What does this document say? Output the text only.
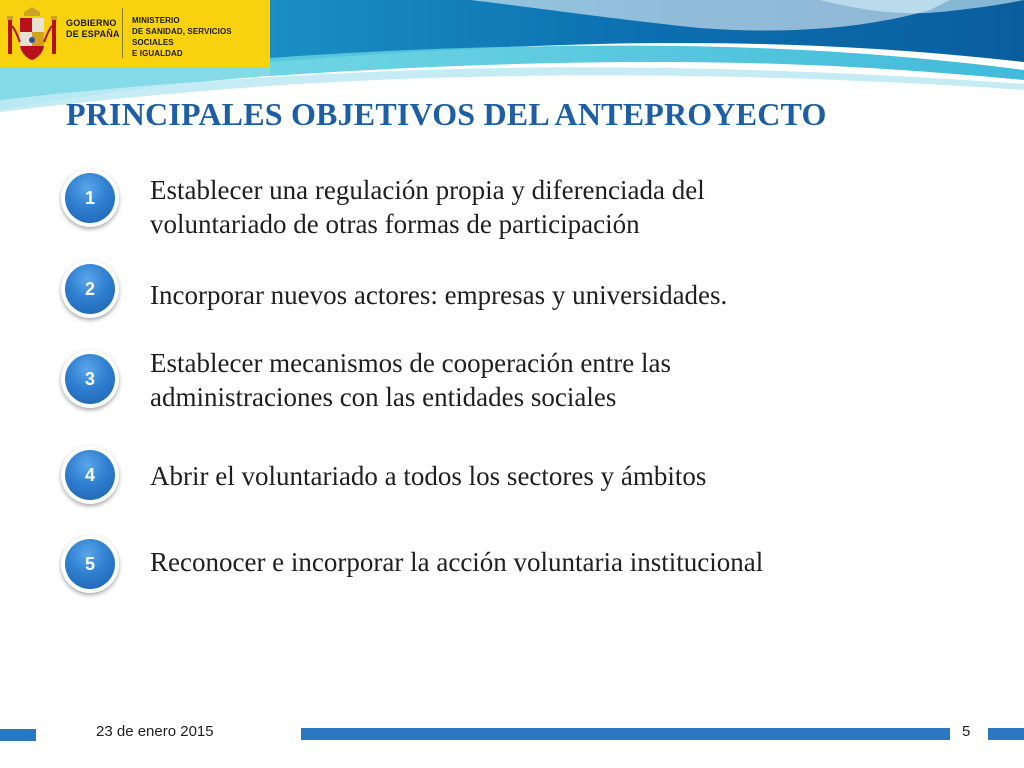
GOBIERNO
DE ESPAÑA
MINISTERIO
DE SANIDAD, SERVICIOS SOCIALES
E IGUALDAD
PRINCIPALES OBJETIVOS DEL ANTEPROYECTO
1	Establecer una regulación propia y diferenciada del
voluntariado de otras formas de participación
2	Incorporar nuevos actores: empresas y universidades.
3
Establecer mecanismos de cooperación entre las
administraciones con las entidades sociales
4	Abrir el voluntariado a todos los sectores y ámbitos
5	Reconocer e incorporar la acción voluntaria institucional
23 de enero 2015	5
